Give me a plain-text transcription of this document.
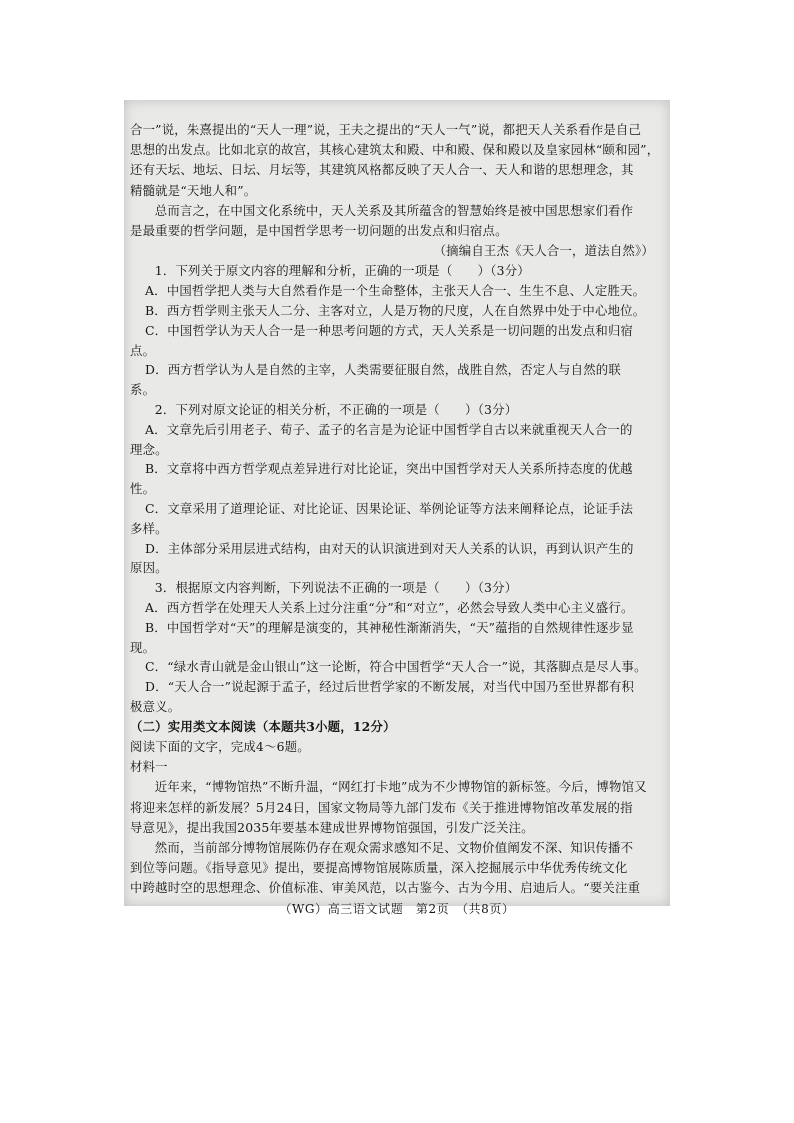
合一”说，朱熹提出的“天人一理”说，王夫之提出的“天人一气”说，都把天人关系看作是自己

思想的出发点。比如北京的故宫，其核心建筑太和殿、中和殿、保和殿以及皇家园林“颐和园”，

还有天坛、地坛、日坛、月坛等，其建筑风格都反映了天人合一、天人和谐的思想理念，其

精髓就是“天地人和”。

总而言之，在中国文化系统中，天人关系及其所蕴含的智慧始终是被中国思想家们看作

是最重要的哲学问题，是中国哲学思考一切问题的出发点和归宿点。

（摘编自王杰《天人合一，道法自然》）

1．下列关于原文内容的理解和分析，正确的一项是（　　）（3分）

A．中国哲学把人类与大自然看作是一个生命整体，主张天人合一、生生不息、人定胜天。

B．西方哲学则主张天人二分、主客对立，人是万物的尺度，人在自然界中处于中心地位。

C．中国哲学认为天人合一是一种思考问题的方式，天人关系是一切问题的出发点和归宿

点。

D．西方哲学认为人是自然的主宰，人类需要征服自然，战胜自然，否定人与自然的联

系。

2．下列对原文论证的相关分析，不正确的一项是（　　）（3分）

A．文章先后引用老子、荀子、孟子的名言是为论证中国哲学自古以来就重视天人合一的

理念。

B．文章将中西方哲学观点差异进行对比论证，突出中国哲学对天人关系所持态度的优越

性。

C．文章采用了道理论证、对比论证、因果论证、举例论证等方法来阐释论点，论证手法

多样。

D．主体部分采用层进式结构，由对天的认识演进到对天人关系的认识，再到认识产生的

原因。

3．根据原文内容判断，下列说法不正确的一项是（　　）（3分）

A．西方哲学在处理天人关系上过分注重“分”和“对立”，必然会导致人类中心主义盛行。

B．中国哲学对“天”的理解是演变的，其神秘性渐渐消失，“天”蕴指的自然规律性逐步显

现。

C．“绿水青山就是金山银山”这一论断，符合中国哲学“天人合一”说，其落脚点是尽人事。

D．“天人合一”说起源于孟子，经过后世哲学家的不断发展，对当代中国乃至世界都有积

极意义。

（二）实用类文本阅读（本题共3小题，12分）

阅读下面的文字，完成4～6题。

材料一

近年来，“博物馆热”不断升温，“网红打卡地”成为不少博物馆的新标签。今后，博物馆又

将迎来怎样的新发展？5月24日，国家文物局等九部门发布《关于推进博物馆改革发展的指

导意见》，提出我国2035年要基本建成世界博物馆强国，引发广泛关注。

然而，当前部分博物馆展陈仍存在观众需求感知不足、文物价值阐发不深、知识传播不

到位等问题。《指导意见》提出，要提高博物馆展陈质量，深入挖掘展示中华优秀传统文化

中跨越时空的思想理念、价值标准、审美风范，以古鉴今、古为今用、启迪后人。“要关注重

（WG）高三语文试题　第2页　（共8页）
